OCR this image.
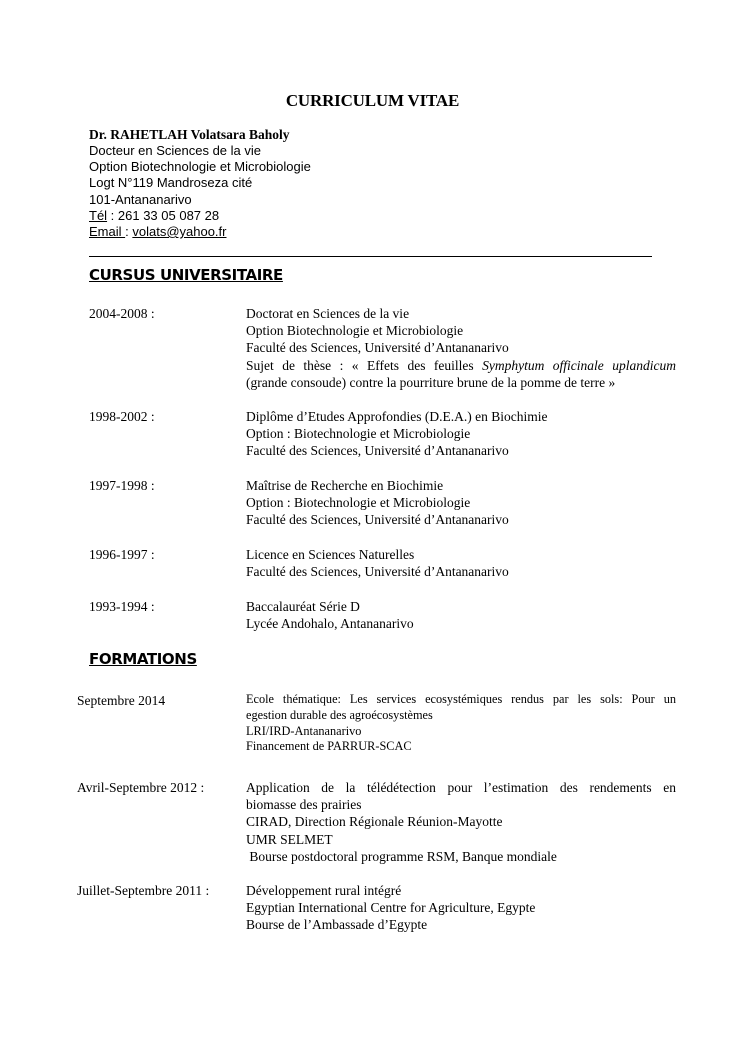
CURRICULUM VITAE
Dr. RAHETLAH Volatsara Baholy
Docteur en Sciences de la vie
Option Biotechnologie et Microbiologie
Logt N°119 Mandroseza cité
101-Antananarivo
Tél : 261 33 05 087 28
Email : volats@yahoo.fr
CURSUS UNIVERSITAIRE
2004-2008 :	Doctorat en Sciences de la vie
Option Biotechnologie et Microbiologie
Faculté des Sciences, Université d’Antananarivo
Sujet de thèse : « Effets des feuilles Symphytum officinale uplandicum
(grande consoude) contre la pourriture brune de la pomme de terre »
1998-2002 :	Diplôme d’Etudes Approfondies (D.E.A.) en Biochimie
Option : Biotechnologie et Microbiologie
Faculté des Sciences, Université d’Antananarivo
1997-1998 :	Maîtrise de Recherche en Biochimie
Option : Biotechnologie et Microbiologie
Faculté des Sciences, Université d’Antananarivo
1996-1997 :	Licence en Sciences Naturelles
Faculté des Sciences, Université d’Antananarivo
1993-1994 :	Baccalauréat Série D
Lycée Andohalo, Antananarivo
FORMATIONS
Septembre 2014	Ecole thématique: Les services ecosystémiques rendus par les sols: Pour un
egestion durable des agroécosystèmes
LRI/IRD-Antananarivo
Financement de PARRUR-SCAC
Avril-Septembre 2012 :	Application de la télédétection pour l’estimation des rendements en
biomasse des prairies
CIRAD, Direction Régionale Réunion-Mayotte
UMR SELMET
Bourse postdoctoral programme RSM, Banque mondiale
Juillet-Septembre 2011 :	Développement rural intégré
Egyptian International Centre for Agriculture, Egypte
Bourse de l’Ambassade d’Egypte
